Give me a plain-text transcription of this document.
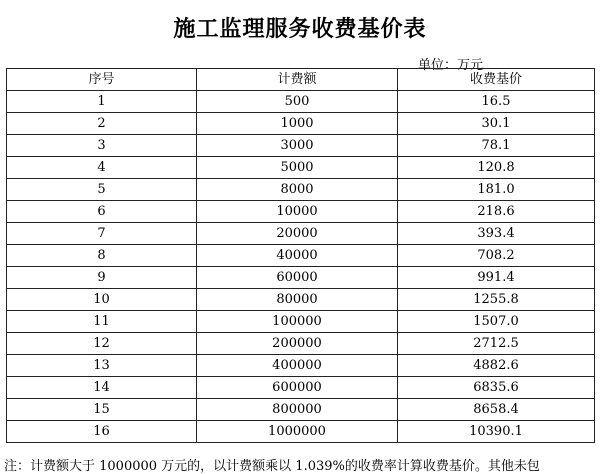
施工监理服务收费基价表
单位：万元
序号	计费额	收费基价
1	500	16.5
2	1000	30.1
3	3000	78.1
4	5000	120.8
5	8000	181.0
6	10000	218.6
7	20000	393.4
8	40000	708.2
9	60000	991.4
10	80000	1255.8
11	100000	1507.0
12	200000	2712.5
13	400000	4882.6
14	600000	6835.6
15	800000	8658.4
16	1000000	10390.1
注：计费额大于 1000000 万元的，以计费额乘以 1.039%的收费率计算收费基价。其他未包
